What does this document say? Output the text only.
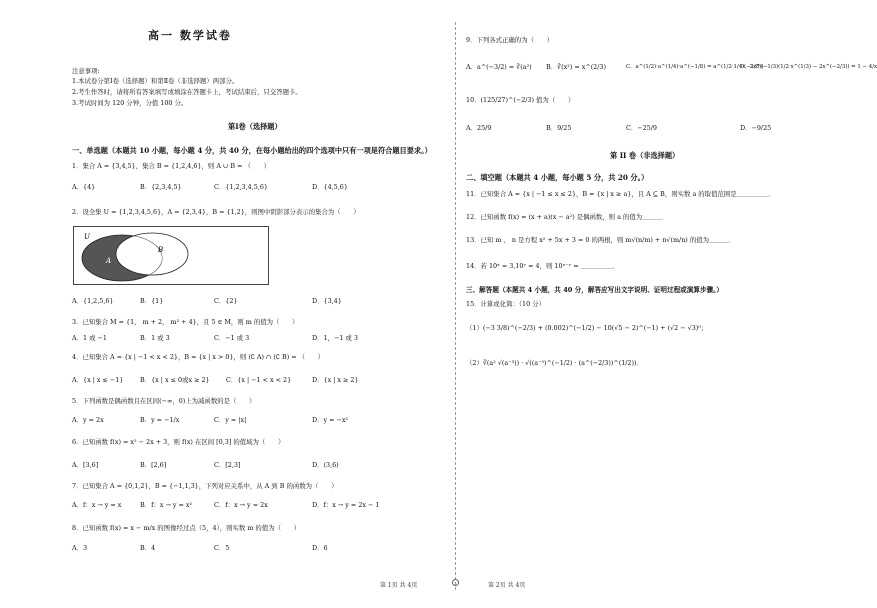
高一 数学试卷
注意事项:
1.本试卷分第Ⅰ卷（选择题）和第Ⅱ卷（非选择题）两部分。
2.考生作答时，请将所有答案填写或填涂在答题卡上，考试结束后，只交答题卡。
3.考试时间为 120 分钟，分值 100 分。
第Ⅰ卷（选择题）
一、单选题（本题共 10 小题，每小题 4 分，共 40 分，在每小题给出的四个选项中只有一项是符合题目要求。）
1．集合 A = {3,4,5}，集合 B = {1,2,4,6}，则 A ∪ B = （　　）
A．{4}	B．{2,3,4,5}	C．{1,2,3,4,5,6}	D．{4,5,6}
2．设全集 U = {1,2,3,4,5,6}，A = {2,3,4}，B = {1,2}，则图中阴影部分表示的集合为（　　）
U
A
B
A．{1,2,5,6}	B．{1}	C．{2}	D．{3,4}
3．已知集合 M = {1， m + 2， m² + 4}，且 5 ∈ M，则 m 的值为（　　）
A．1 或 −1	B．1 或 3	C．−1 或 3	D．1，−1 或 3
4．已知集合 A = {x | −1 < x < 2}，B = {x | x > 0}，则 (∁ A) ∩ (∁ B) = （　　）
A．{x | x ≤ −1}	B．{x | x ≤ 0或x ≥ 2}	C．{x | −1 < x < 2}	D．{x | x ≥ 2}
5．下列函数是偶函数且在区间(−∞，0)上为减函数的是（　　）
A．y = 2x	B．y = −1/x	C．y = |x|	D．y = −x²
6．已知函数 f(x) = x² − 2x + 3，则 f(x) 在区间 [0,3] 的值域为（　　）
A．[3,6]	B．[2,6]	C．[2,3]	D．(3,6)
7．已知集合 A = {0,1,2}，B = {−1,1,3}，下列对应关系中，从 A 到 B 的函数为（　　）
A．f：x → y = x	B．f：x → y = x²	C．f：x → y = 2x	D．f：x → y = 2x − 1
8．已知函数 f(x) = x − m/x 的图像经过点（5，4），则实数 m 的值为（　　）
A．3	B．4	C．5	D．6
第 1页 共 4页
9．下列各式正确的为（　　）
A．a^(−3/2) = ∛(a²) B．∛(x²) = x^(2/3)	C．a^(1/2)·a^(1/4)·a^(−1/8) = a^(1/2·1/4·(−1/8))
D．2x^(−1/3)(1/2 x^(1/3) − 2x^(−2/3)) = 1 − 4/x
10．(125/27)^(−2/3) 值为（　　）
A．25/9	B．9/25	C．−25/9	D．−9/25
第 II 卷（非选择题）
二、填空题（本题共 4 小题，每小题 5 分，共 20 分。）
11．已知集合 A = {x | −1 ≤ x ≤ 2}，B = {x | x ≥ a}，且 A ⊆ B，则实数 a 的取值范围是＿＿＿＿＿．
12．已知函数 f(x) = (x + a)(x − a²) 是偶函数，则 a 的值为＿＿＿．
13．已知 m 、 n 是方程 x² + 5x + 3 = 0 的两根，则 m√(n/m) + n√(m/n) 的值为＿＿＿．
14．若 10ˣ = 3,10ʸ = 4，则 10ˣ⁻ʸ = ＿＿＿＿＿．
三、解答题（本题共 4 小题，共 40 分，解答应写出文字说明、证明过程或演算步骤。）
15．计算或化简：（10 分）
（1）(−3 3/8)^(−2/3) + (0.002)^(−1/2) − 10(√5 − 2)^(−1) + (√2 − √3)⁰；
（2）∛(a² √(a⁻³)) · √((a⁻⁵)^(−1/2) · (a^(−2/3))^(1/2))．
第 2页 共 4页
